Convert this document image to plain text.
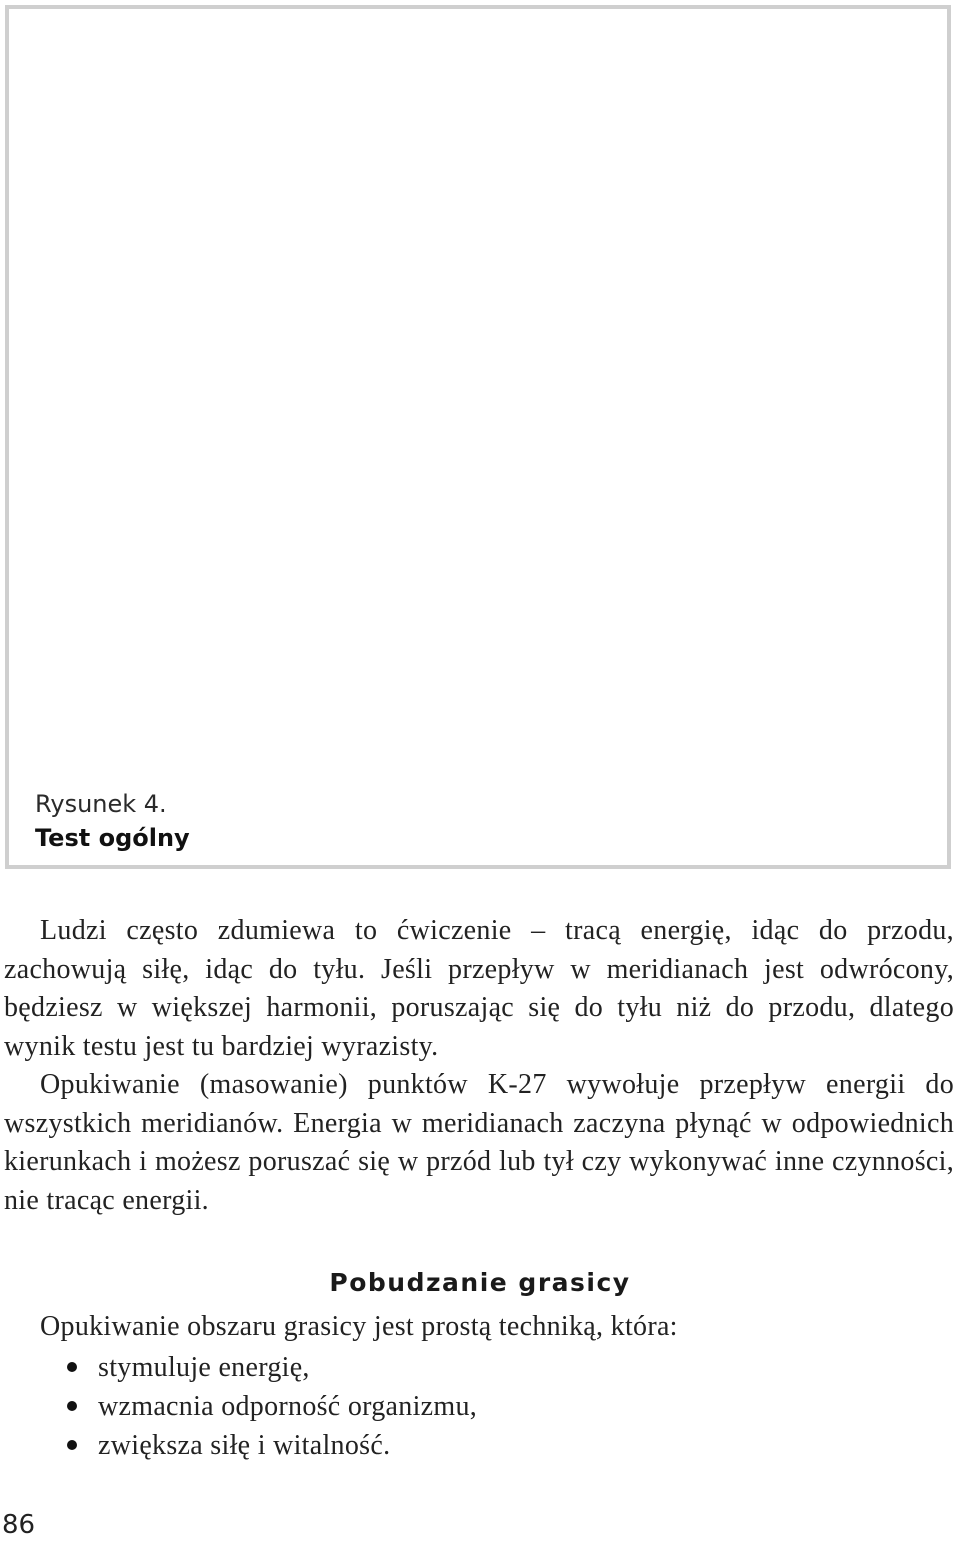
Rysunek 4.
Test ogólny

Ludzi często zdumiewa to ćwiczenie – tracą energię, idąc do przodu, zachowują siłę, idąc do tyłu. Jeśli przepływ w meridianach jest odwrócony, będziesz w większej harmonii, poruszając się do tyłu niż do przodu, dlatego wynik testu jest tu bardziej wyrazisty.

Opukiwanie (masowanie) punktów K-27 wywołuje przepływ energii do wszystkich meridianów. Energia w meridianach zaczyna płynąć w odpowiednich kierunkach i możesz poruszać się w przód lub tył czy wykonywać inne czynności, nie tracąc energii.

Pobudzanie grasicy
Opukiwanie obszaru grasicy jest prostą techniką, która:
stymuluje energię,
wzmacnia odporność organizmu,
zwiększa siłę i witalność.
86
